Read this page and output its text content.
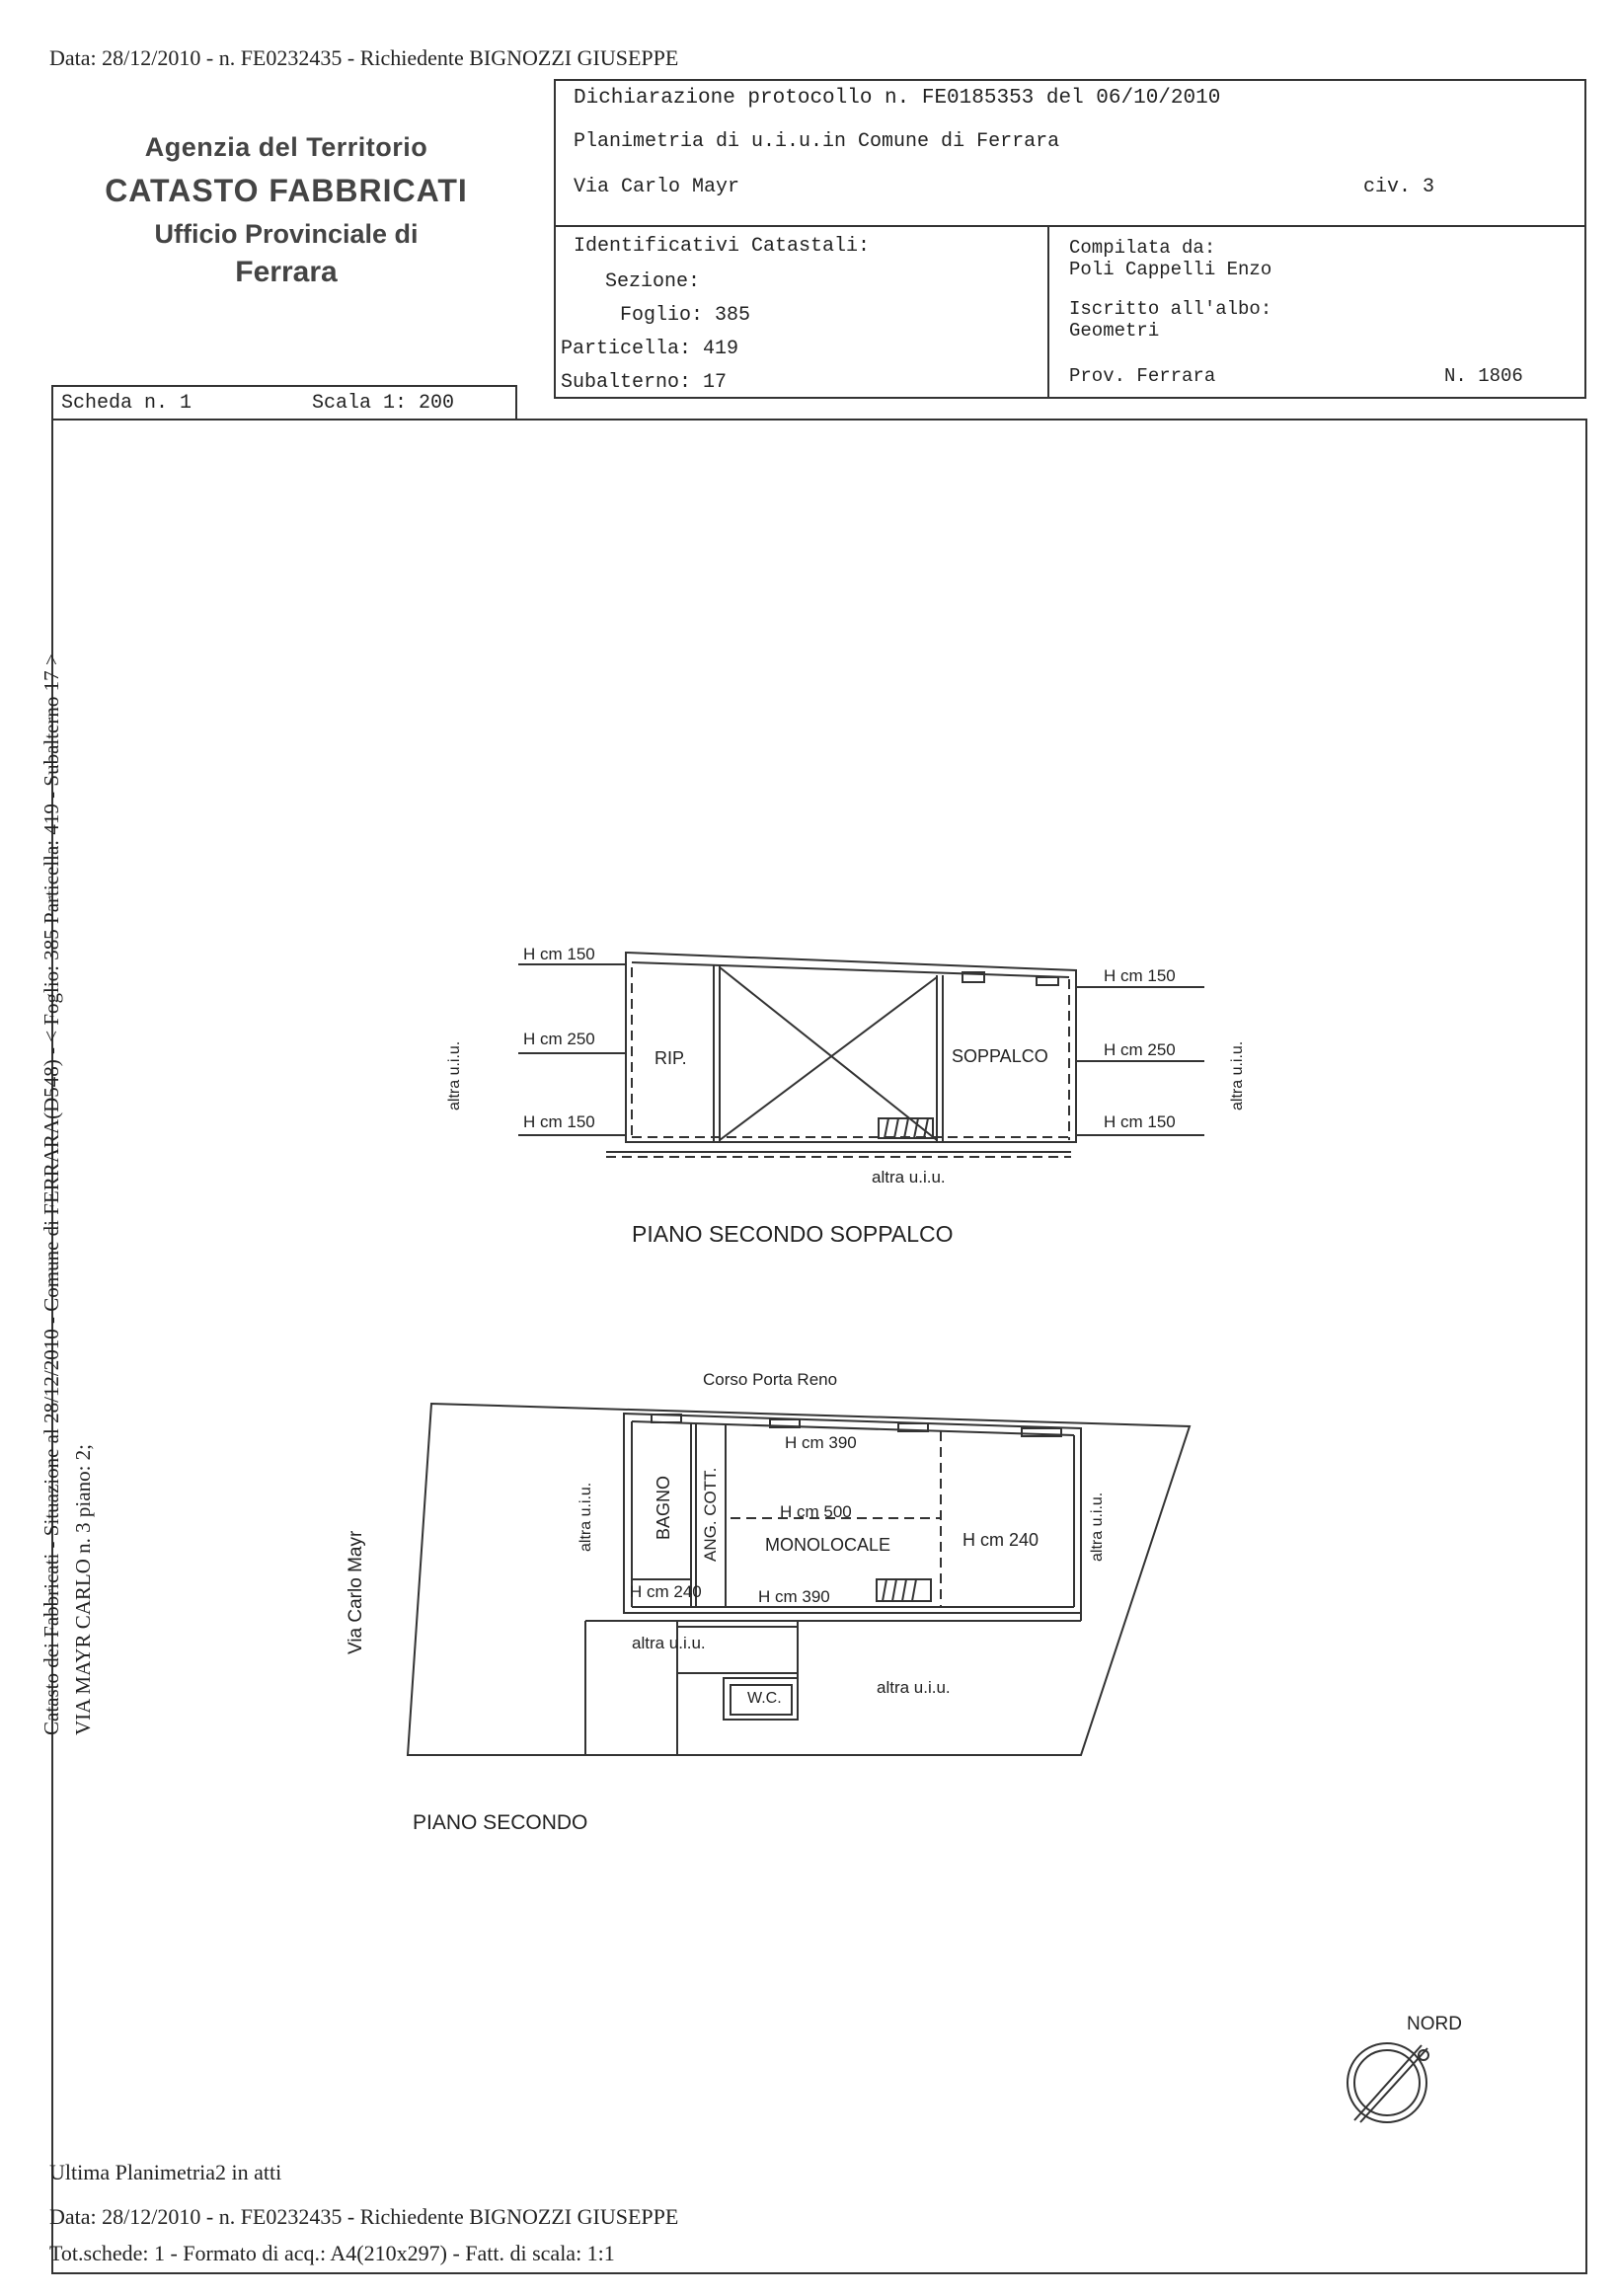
Data: 28/12/2010 - n. FE0232435 - Richiedente BIGNOZZI GIUSEPPE
Agenzia del Territorio
CATASTO FABBRICATI
Ufficio Provinciale di
Ferrara
Dichiarazione protocollo n. FE0185353 del 06/10/2010
Planimetria di u.i.u.in Comune di Ferrara
Via Carlo Mayr	civ. 3
Identificativi Catastali:
Sezione:
Foglio: 385
Particella: 419
Subalterno: 17
Compilata da:
Poli Cappelli Enzo
Iscritto all'albo:
Geometri
Prov. Ferrara	N. 1806
Scheda n. 1	Scala 1: 200
Catasto dei Fabbricati - Situazione al 28/12/2010 - Comune di FERRARA(D548) - < Foglio: 385 Particella: 419 - Subalterno 17 > VIA MAYR CARLO n. 3 piano: 2;
H cm 150
H cm 250
H cm 150
H cm 150
H cm 250
H cm 150
altra u.i.u.	altra u.i.u.
altra u.i.u.
RIP.	SOPPALCO
PIANO SECONDO SOPPALCO
Corso Porta Reno
Via Carlo Mayr
H cm 390
H cm 500
H cm 240
H cm 240	H cm 390
BAGNO ANG. COTT.	MONOLOCALE
altra u.i.u.	altra u.i.u.
altra u.i.u.
W.C.
altra u.i.u.
PIANO SECONDO
NORD
Ultima Planimetria2 in atti
Data: 28/12/2010 - n. FE0232435 - Richiedente BIGNOZZI GIUSEPPE
Tot.schede: 1 - Formato di acq.: A4(210x297) - Fatt. di scala: 1:1
